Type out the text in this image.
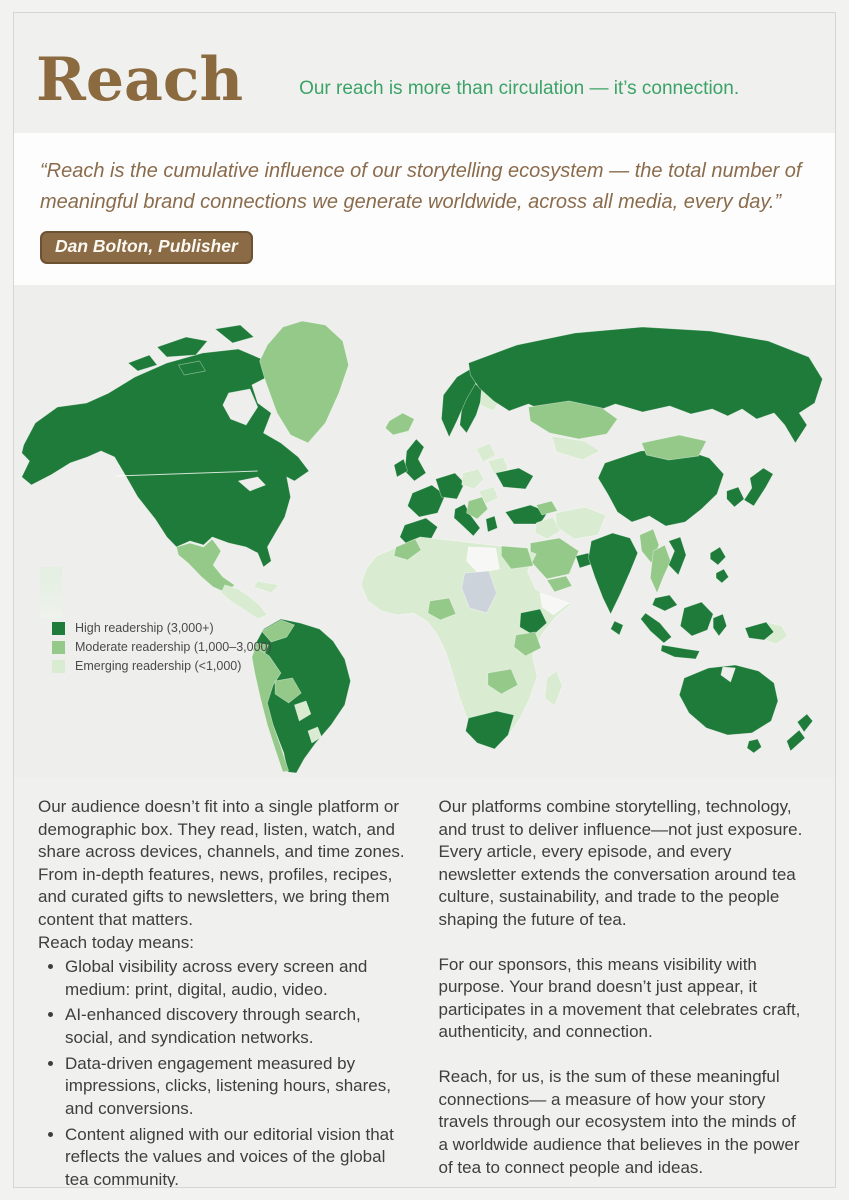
Reach	Our reach is more than circulation — it’s connection.

“Reach is the cumulative influence of our storytelling ecosystem — the total number of meaningful brand connections we generate worldwide, across all media, every day.”

Dan Bolton, Publisher
High readership (3,000+)
Moderate readership (1,000–3,000)
Emerging readership (<1,000)

Our audience doesn’t fit into a single platform or demographic box. They read, listen, watch, and share across devices, channels, and time zones. From in-depth features, news, profiles, recipes, and curated gifts to newsletters, we bring them content that matters.

Reach today means:

• Global visibility across every screen and medium: print, digital, audio, video.
• AI-enhanced discovery through search, social, and syndication networks.
• Data-driven engagement measured by impressions, clicks, listening hours, shares, and conversions.
• Content aligned with our editorial vision that reflects the values and voices of the global tea community.

Our platforms combine storytelling, technology, and trust to deliver influence—not just exposure. Every article, every episode, and every newsletter extends the conversation around tea culture, sustainability, and trade to the people shaping the future of tea.

For our sponsors, this means visibility with purpose. Your brand doesn’t just appear, it participates in a movement that celebrates craft, authenticity, and connection.

Reach, for us, is the sum of these meaningful connections— a measure of how your story travels through our ecosystem into the minds of a worldwide audience that believes in the power of tea to connect people and ideas.
